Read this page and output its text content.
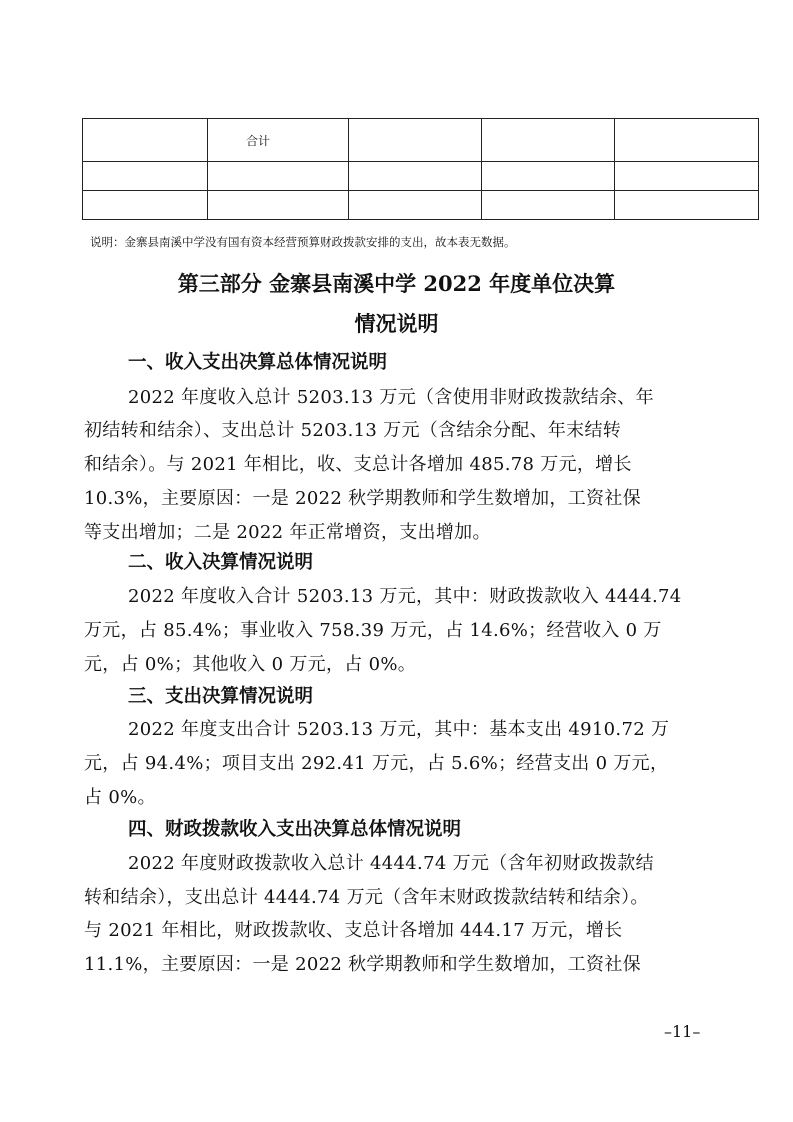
	合计			

说明：金寨县南溪中学没有国有资本经营预算财政拨款安排的支出，故本表无数据。
第三部分 金寨县南溪中学 2022 年度单位决算
情况说明
一、收入支出决算总体情况说明
2022 年度收入总计 5203.13 万元（含使用非财政拨款结余、年
初结转和结余）、支出总计 5203.13 万元（含结余分配、年末结转
和结余）。与 2021 年相比，收、支总计各增加 485.78 万元，增长
10.3%，主要原因：一是 2022 秋学期教师和学生数增加，工资社保
等支出增加；二是 2022 年正常增资，支出增加。
二、收入决算情况说明
2022 年度收入合计 5203.13 万元，其中：财政拨款收入 4444.74
万元，占 85.4%；事业收入 758.39 万元，占 14.6%；经营收入 0 万
元，占 0%；其他收入 0 万元，占 0%。
三、支出决算情况说明
2022 年度支出合计 5203.13 万元，其中：基本支出 4910.72 万
元，占 94.4%；项目支出 292.41 万元，占 5.6%；经营支出 0 万元，
占 0%。
四、财政拨款收入支出决算总体情况说明
2022 年度财政拨款收入总计 4444.74 万元（含年初财政拨款结
转和结余），支出总计 4444.74 万元（含年末财政拨款结转和结余）。
与 2021 年相比，财政拨款收、支总计各增加 444.17 万元，增长
11.1%，主要原因：一是 2022 秋学期教师和学生数增加，工资社保
–11–
